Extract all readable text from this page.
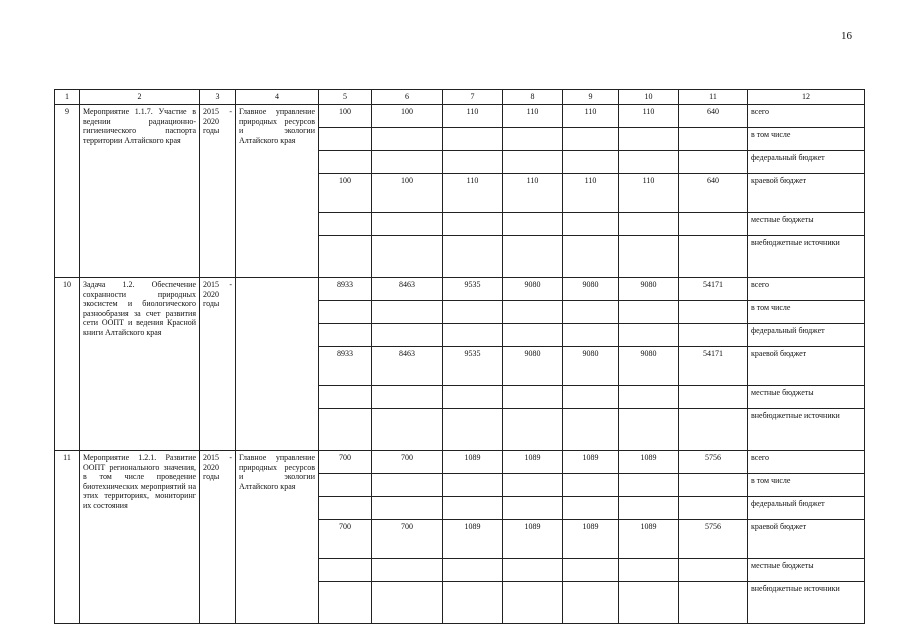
16
1	2	3	4	5	6	7	8	9	10	11	12
9	Мероприятие 1.1.7. Участие в ведении радиационно-гигиенического паспорта территории Алтайского края	2015 - 2020 годы	Главное управление природных ресурсов и экологии Алтайского края	100	100	110	110	110	110	640	всего
											в том числе
											федеральный бюджет
				100	100	110	110	110	110	640	краевой бюджет
											местные бюджеты
											внебюджетные источники
10	Задача 1.2. Обеспечение сохранности природных экосистем и биологического разнообразия за счет развития сети ООПТ и ведения Красной книги Алтайского края	2015 - 2020 годы		8933	8463	9535	9080	9080	9080	54171	всего
											в том числе
											федеральный бюджет
				8933	8463	9535	9080	9080	9080	54171	краевой бюджет
											местные бюджеты
											внебюджетные источники
11	Мероприятие 1.2.1. Развитие ООПТ регионального значения, в том числе проведение биотехнических мероприятий на этих территориях, мониторинг их состояния	2015 - 2020 годы	Главное управление природных ресурсов и экологии Алтайского края	700	700	1089	1089	1089	1089	5756	всего
											в том числе
											федеральный бюджет
				700	700	1089	1089	1089	1089	5756	краевой бюджет
											местные бюджеты
											внебюджетные источники
